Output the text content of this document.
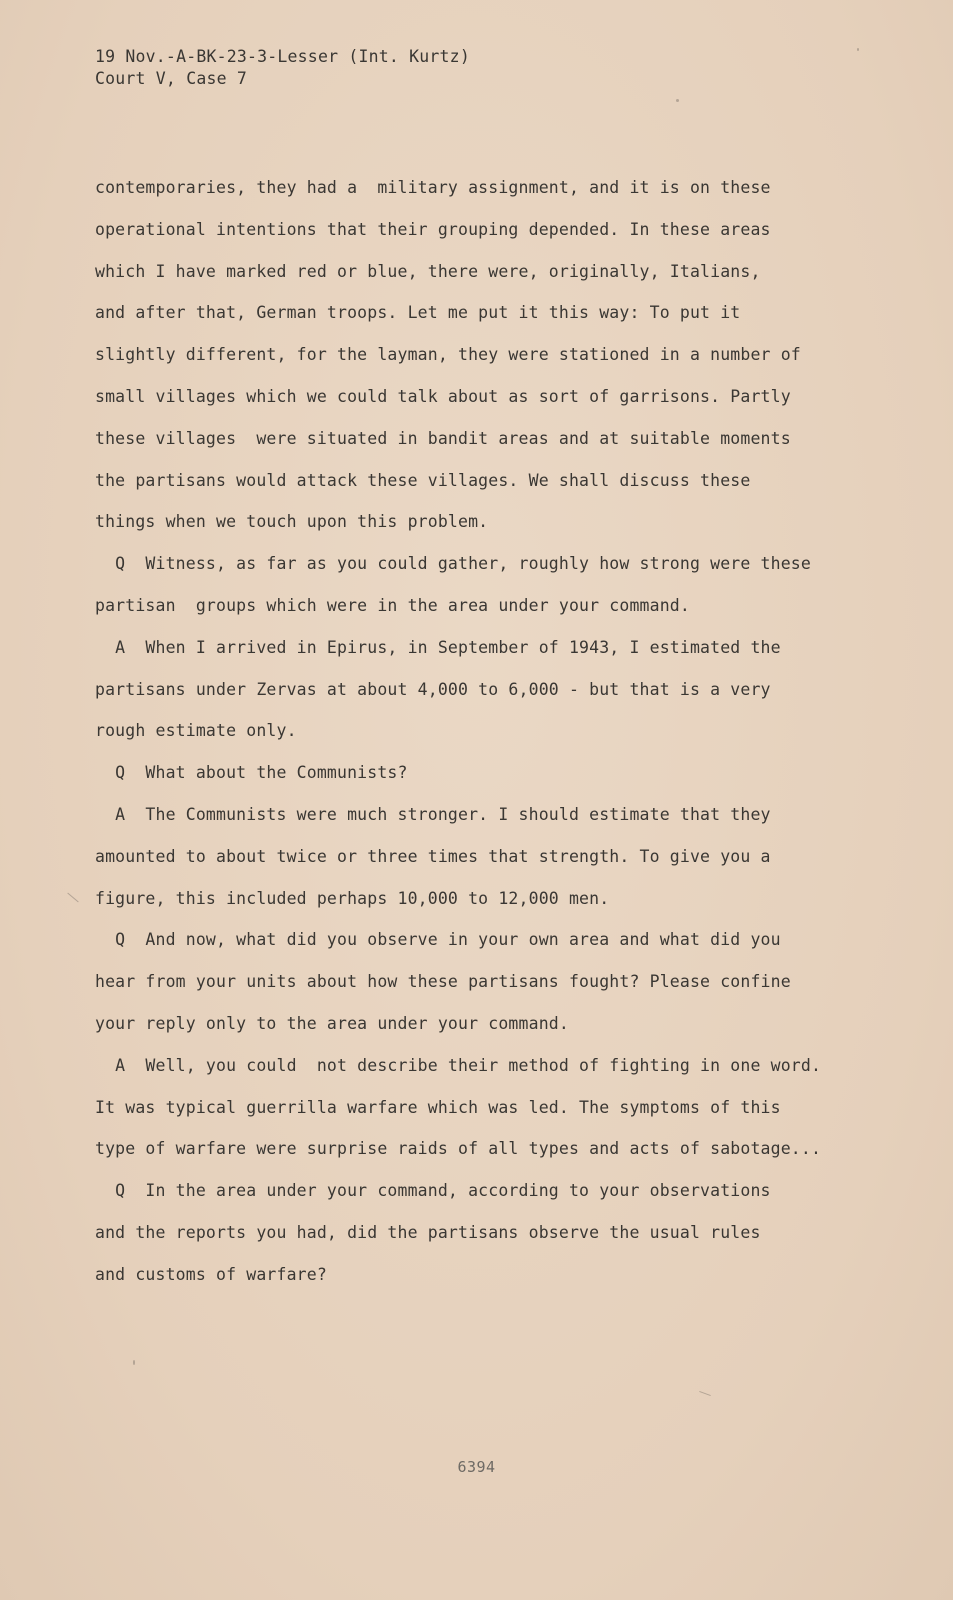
19 Nov.-A-BK-23-3-Lesser (Int. Kurtz)
Court V, Case 7
contemporaries, they had a  military assignment, and it is on these
operational intentions that their grouping depended. In these areas
which I have marked red or blue, there were, originally, Italians,
and after that, German troops. Let me put it this way: To put it
slightly different, for the layman, they were stationed in a number of
small villages which we could talk about as sort of garrisons. Partly
these villages  were situated in bandit areas and at suitable moments
the partisans would attack these villages. We shall discuss these
things when we touch upon this problem.
Q  Witness, as far as you could gather, roughly how strong were these
partisan  groups which were in the area under your command.
A  When I arrived in Epirus, in September of 1943, I estimated the
partisans under Zervas at about 4,000 to 6,000 - but that is a very
rough estimate only.
Q  What about the Communists?
A  The Communists were much stronger. I should estimate that they
amounted to about twice or three times that strength. To give you a
figure, this included perhaps 10,000 to 12,000 men.
Q  And now, what did you observe in your own area and what did you
hear from your units about how these partisans fought? Please confine
your reply only to the area under your command.
A  Well, you could  not describe their method of fighting in one word.
It was typical guerrilla warfare which was led. The symptoms of this
type of warfare were surprise raids of all types and acts of sabotage...
Q  In the area under your command, according to your observations
and the reports you had, did the partisans observe the usual rules
and customs of warfare?
6394
